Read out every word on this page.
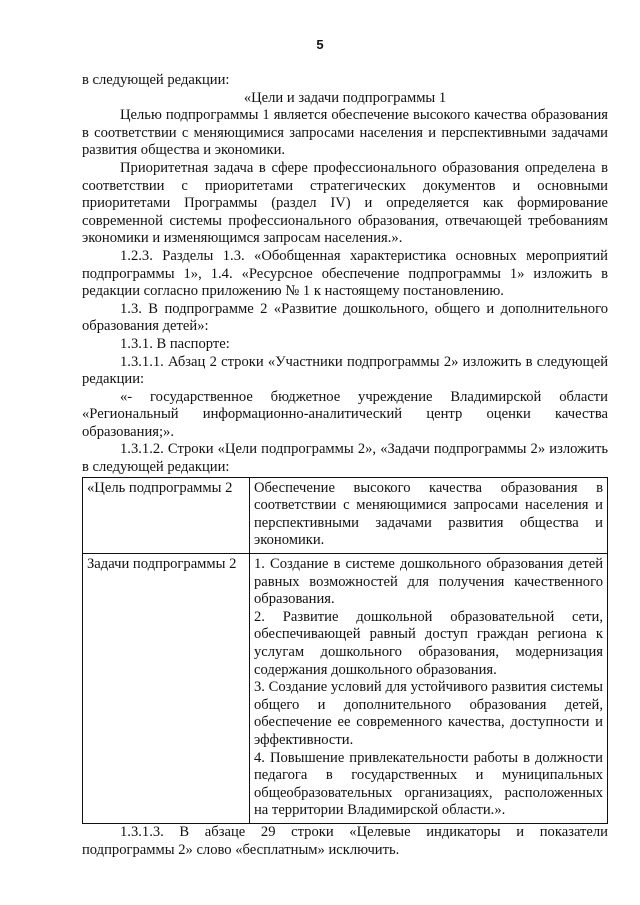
5

в следующей редакции:

«Цели и задачи подпрограммы 1

Целью подпрограммы 1 является обеспечение высокого качества образования в соответствии с меняющимися запросами населения и перспективными задачами развития общества и экономики.

Приоритетная задача в сфере профессионального образования определена в соответствии с приоритетами стратегических документов и основными приоритетами Программы (раздел IV) и определяется как формирование современной системы профессионального образования, отвечающей требованиям экономики и изменяющимся запросам населения.».

1.2.3. Разделы 1.3. «Обобщенная характеристика основных мероприятий подпрограммы 1», 1.4. «Ресурсное обеспечение подпрограммы 1» изложить в редакции согласно приложению № 1 к настоящему постановлению.

1.3. В подпрограмме 2 «Развитие дошкольного, общего и дополнительного образования детей»:

1.3.1. В паспорте:

1.3.1.1. Абзац 2 строки «Участники подпрограммы 2» изложить в следующей редакции:

«- государственное бюджетное учреждение Владимирской области «Региональный информационно-аналитический центр оценки качества образования;».

1.3.1.2. Строки «Цели подпрограммы 2», «Задачи подпрограммы 2» изложить в следующей редакции:

«Цель подпрограммы 2	Обеспечение высокого качества образования в соответствии с меняющимися запросами населения и перспективными задачами развития общества и экономики.

Задачи подпрограммы 2	1. Создание в системе дошкольного образования детей равных возможностей для получения качественного образования.

2. Развитие дошкольной образовательной сети, обеспечивающей равный доступ граждан региона к услугам дошкольного образования, модернизация содержания дошкольного образования.

3. Создание условий для устойчивого развития системы общего и дополнительного образования детей, обеспечение ее современного качества, доступности и эффективности.

4. Повышение привлекательности работы в должности педагога в государственных и муниципальных общеобразовательных организациях, расположенных на территории Владимирской области.».

1.3.1.3. В абзаце 29 строки «Целевые индикаторы и показатели подпрограммы 2» слово «бесплатным» исключить.
